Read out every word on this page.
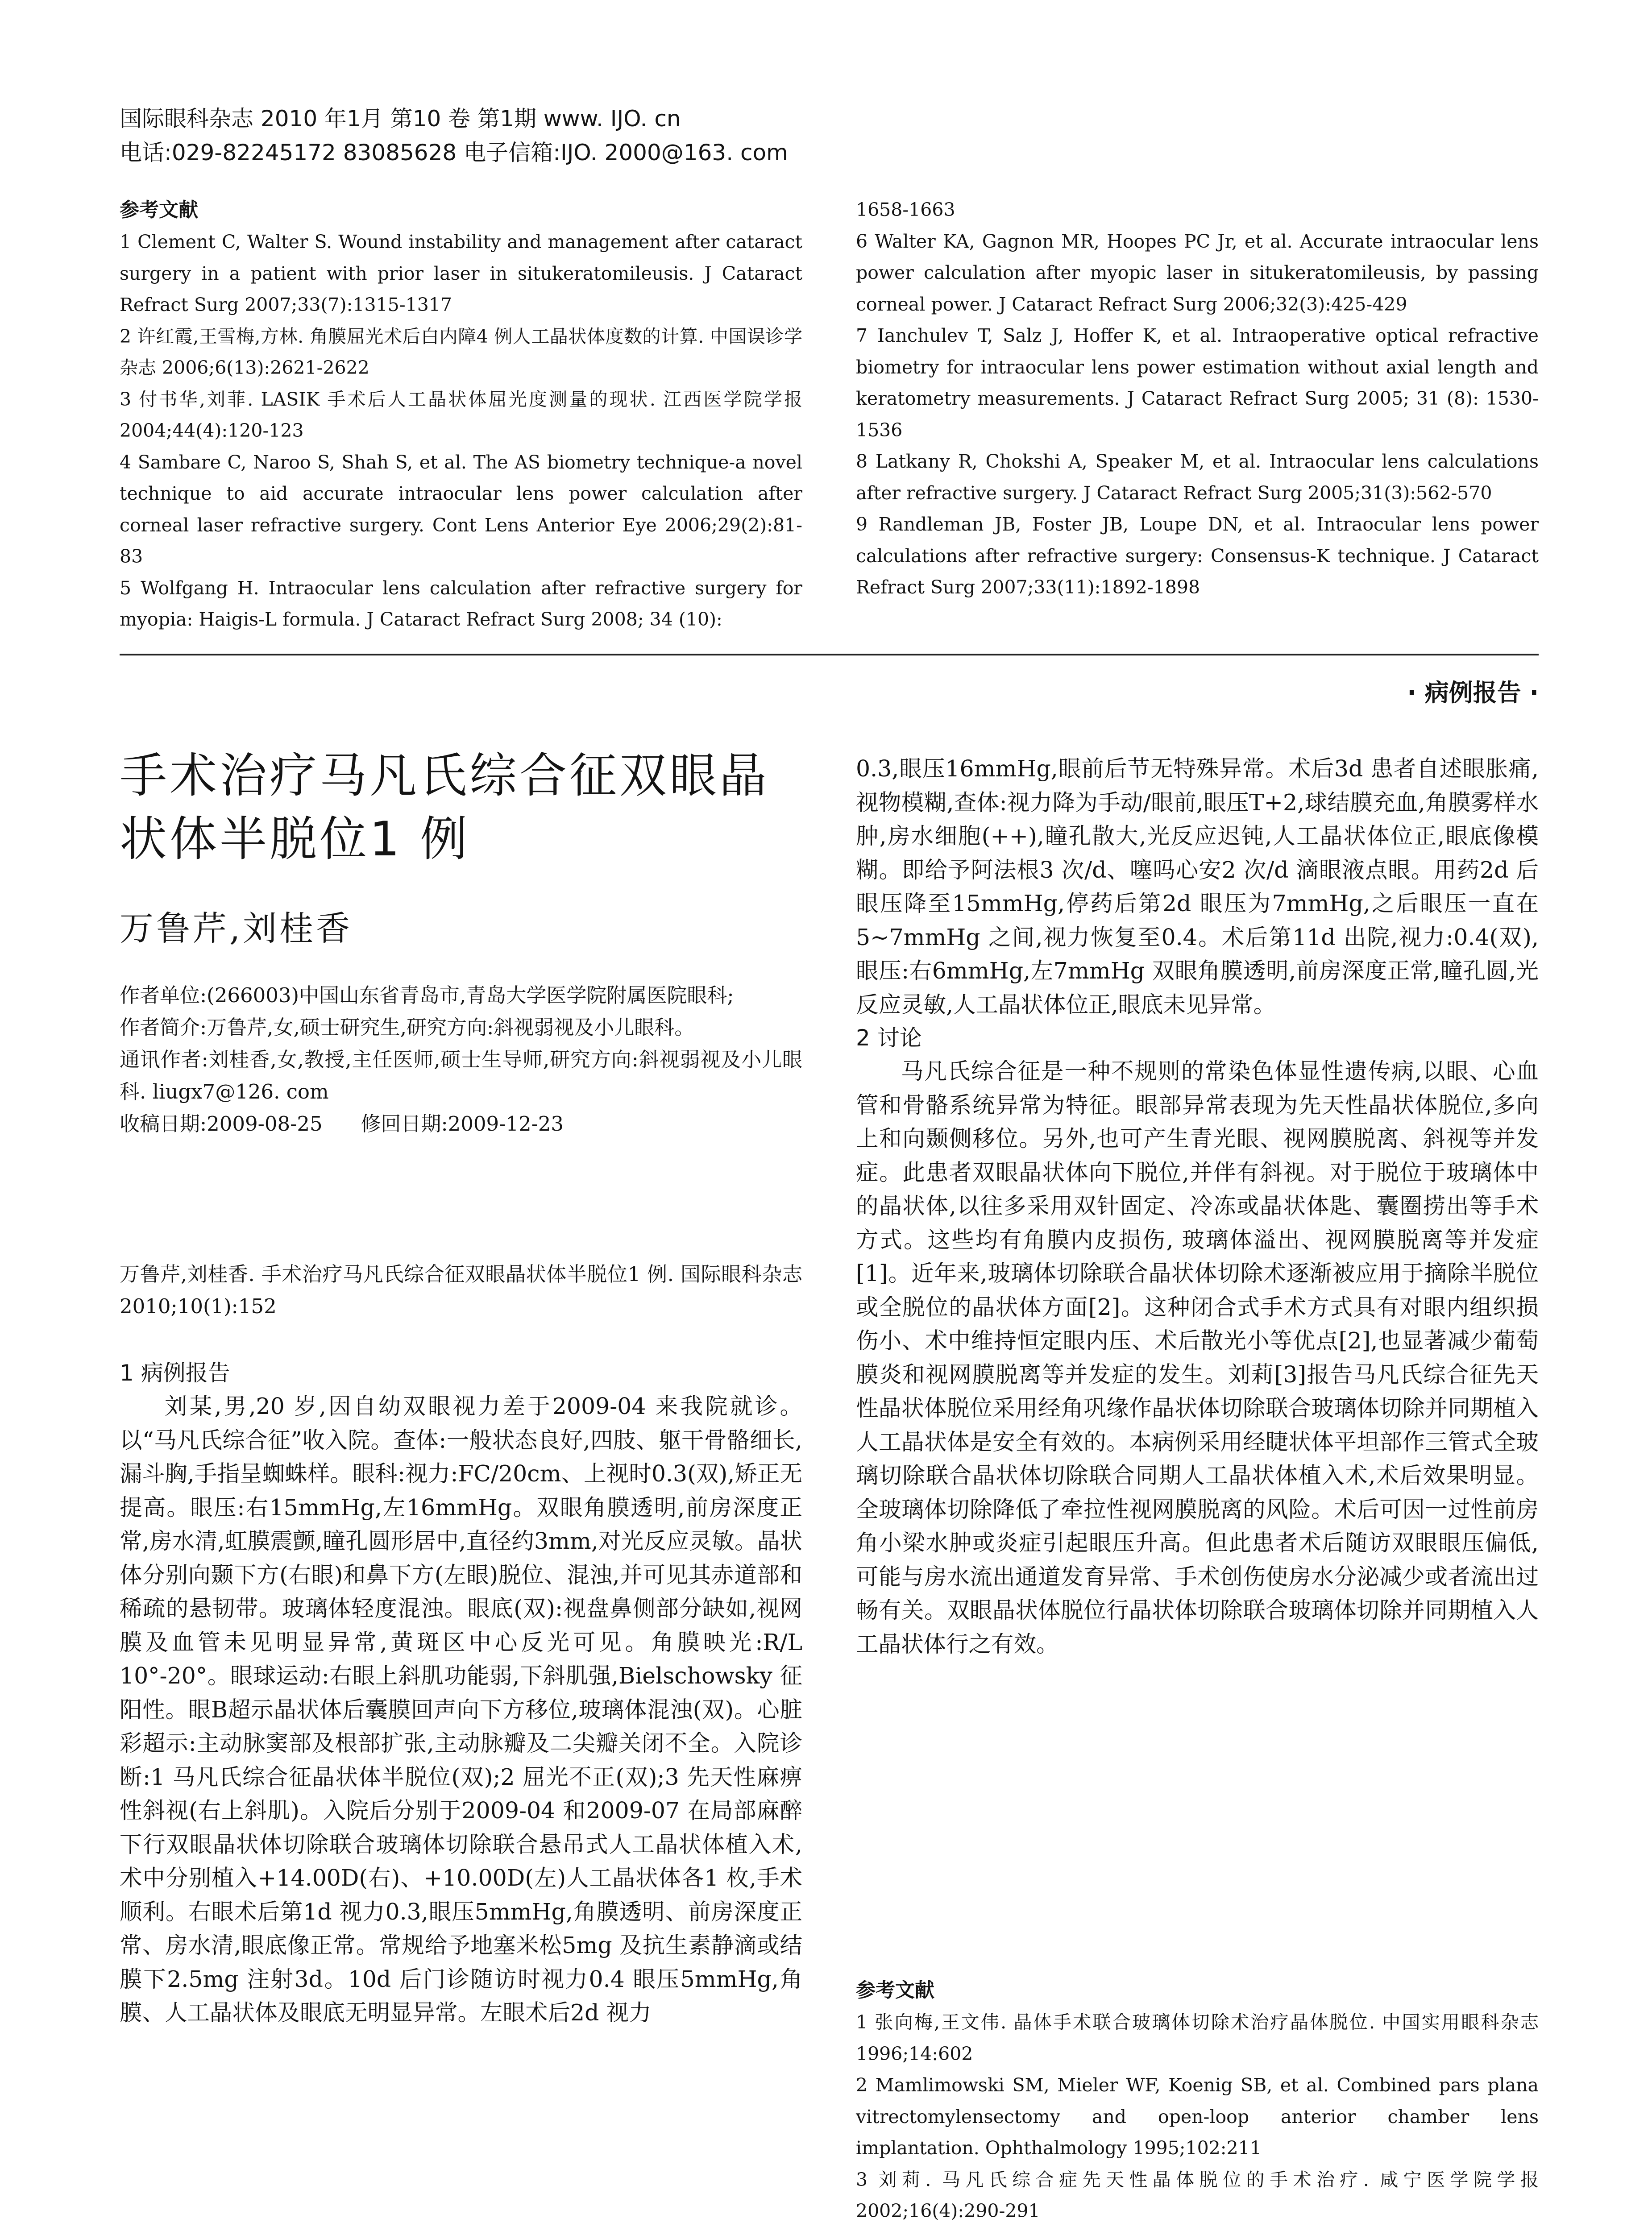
国际眼科杂志 2010 年1月 第10 卷 第1期 www. IJO. cn
电话:029-82245172 83085628 电子信箱:IJO. 2000@163. com

参考文献

1 Clement C, Walter S. Wound instability and management after cataract surgery in a patient with prior laser in situkeratomileusis. J Cataract Refract Surg 2007;33(7):1315-1317

2 许红霞,王雪梅,方林. 角膜屈光术后白内障4 例人工晶状体度数的计算. 中国误诊学杂志 2006;6(13):2621-2622

3 付书华,刘菲. LASIK 手术后人工晶状体屈光度测量的现状. 江西医学院学报 2004;44(4):120-123

4 Sambare C, Naroo S, Shah S, et al. The AS biometry technique-a novel technique to aid accurate intraocular lens power calculation after corneal laser refractive surgery. Cont Lens Anterior Eye 2006;29(2):81-83

5 Wolfgang H. Intraocular lens calculation after refractive surgery for myopia: Haigis-L formula. J Cataract Refract Surg 2008; 34 (10):

1658-1663

6 Walter KA, Gagnon MR, Hoopes PC Jr, et al. Accurate intraocular lens power calculation after myopic laser in situkeratomileusis, by passing corneal power. J Cataract Refract Surg 2006;32(3):425-429

7 Ianchulev T, Salz J, Hoffer K, et al. Intraoperative optical refractive biometry for intraocular lens power estimation without axial length and keratometry measurements. J Cataract Refract Surg 2005; 31 (8): 1530-1536

8 Latkany R, Chokshi A, Speaker M, et al. Intraocular lens calculations after refractive surgery. J Cataract Refract Surg 2005;31(3):562-570

9 Randleman JB, Foster JB, Loupe DN, et al. Intraocular lens power calculations after refractive surgery: Consensus-K technique. J Cataract Refract Surg 2007;33(11):1892-1898

· 病例报告 ·
手术治疗马凡氏综合征双眼晶状体半脱位1 例
万鲁芹,刘桂香

作者单位:(266003)中国山东省青岛市,青岛大学医学院附属医院眼科;

作者简介:万鲁芹,女,硕士研究生,研究方向:斜视弱视及小儿眼科。

通讯作者:刘桂香,女,教授,主任医师,硕士生导师,研究方向:斜视弱视及小儿眼科. liugx7@126. com

收稿日期:2009-08-25      修回日期:2009-12-23

万鲁芹,刘桂香. 手术治疗马凡氏综合征双眼晶状体半脱位1 例. 国际眼科杂志 2010;10(1):152

1 病例报告

刘某,男,20 岁,因自幼双眼视力差于2009-04 来我院就诊。以“马凡氏综合征”收入院。查体:一般状态良好,四肢、躯干骨骼细长,漏斗胸,手指呈蜘蛛样。眼科:视力:FC/20cm、上视时0.3(双),矫正无提高。眼压:右15mmHg,左16mmHg。双眼角膜透明,前房深度正常,房水清,虹膜震颤,瞳孔圆形居中,直径约3mm,对光反应灵敏。晶状体分别向颞下方(右眼)和鼻下方(左眼)脱位、混浊,并可见其赤道部和稀疏的悬韧带。玻璃体轻度混浊。眼底(双):视盘鼻侧部分缺如,视网膜及血管未见明显异常,黄斑区中心反光可见。角膜映光:R/L 10°-20°。眼球运动:右眼上斜肌功能弱,下斜肌强,Bielschowsky 征阳性。眼B超示晶状体后囊膜回声向下方移位,玻璃体混浊(双)。心脏彩超示:主动脉窦部及根部扩张,主动脉瓣及二尖瓣关闭不全。入院诊断:1 马凡氏综合征晶状体半脱位(双);2 屈光不正(双);3 先天性麻痹性斜视(右上斜肌)。入院后分别于2009-04 和2009-07 在局部麻醉下行双眼晶状体切除联合玻璃体切除联合悬吊式人工晶状体植入术,术中分别植入+14.00D(右)、+10.00D(左)人工晶状体各1 枚,手术顺利。右眼术后第1d 视力0.3,眼压5mmHg,角膜透明、前房深度正常、房水清,眼底像正常。常规给予地塞米松5mg 及抗生素静滴或结膜下2.5mg 注射3d。10d 后门诊随访时视力0.4 眼压5mmHg,角膜、人工晶状体及眼底无明显异常。左眼术后2d 视力

0.3,眼压16mmHg,眼前后节无特殊异常。术后3d 患者自述眼胀痛,视物模糊,查体:视力降为手动/眼前,眼压T+2,球结膜充血,角膜雾样水肿,房水细胞(++),瞳孔散大,光反应迟钝,人工晶状体位正,眼底像模糊。即给予阿法根3 次/d、噻吗心安2 次/d 滴眼液点眼。用药2d 后眼压降至15mmHg,停药后第2d 眼压为7mmHg,之后眼压一直在5~7mmHg 之间,视力恢复至0.4。术后第11d 出院,视力:0.4(双),眼压:右6mmHg,左7mmHg 双眼角膜透明,前房深度正常,瞳孔圆,光反应灵敏,人工晶状体位正,眼底未见异常。

2 讨论

马凡氏综合征是一种不规则的常染色体显性遗传病,以眼、心血管和骨骼系统异常为特征。眼部异常表现为先天性晶状体脱位,多向上和向颞侧移位。另外,也可产生青光眼、视网膜脱离、斜视等并发症。此患者双眼晶状体向下脱位,并伴有斜视。对于脱位于玻璃体中的晶状体,以往多采用双针固定、冷冻或晶状体匙、囊圈捞出等手术方式。这些均有角膜内皮损伤, 玻璃体溢出、视网膜脱离等并发症[1]。近年来,玻璃体切除联合晶状体切除术逐渐被应用于摘除半脱位或全脱位的晶状体方面[2]。这种闭合式手术方式具有对眼内组织损伤小、术中维持恒定眼内压、术后散光小等优点[2],也显著减少葡萄膜炎和视网膜脱离等并发症的发生。刘莉[3]报告马凡氏综合征先天性晶状体脱位采用经角巩缘作晶状体切除联合玻璃体切除并同期植入人工晶状体是安全有效的。本病例采用经睫状体平坦部作三管式全玻璃切除联合晶状体切除联合同期人工晶状体植入术,术后效果明显。全玻璃体切除降低了牵拉性视网膜脱离的风险。术后可因一过性前房角小梁水肿或炎症引起眼压升高。但此患者术后随访双眼眼压偏低,可能与房水流出通道发育异常、手术创伤使房水分泌减少或者流出过畅有关。双眼晶状体脱位行晶状体切除联合玻璃体切除并同期植入人工晶状体行之有效。

参考文献

1 张向梅,王文伟. 晶体手术联合玻璃体切除术治疗晶体脱位. 中国实用眼科杂志 1996;14:602

2 Mamlimowski SM, Mieler WF, Koenig SB, et al. Combined pars plana vitrectomylensectomy and open-loop anterior chamber lens implantation. Ophthalmology 1995;102:211

3 刘莉. 马凡氏综合症先天性晶体脱位的手术治疗. 咸宁医学院学报 2002;16(4):290-291
